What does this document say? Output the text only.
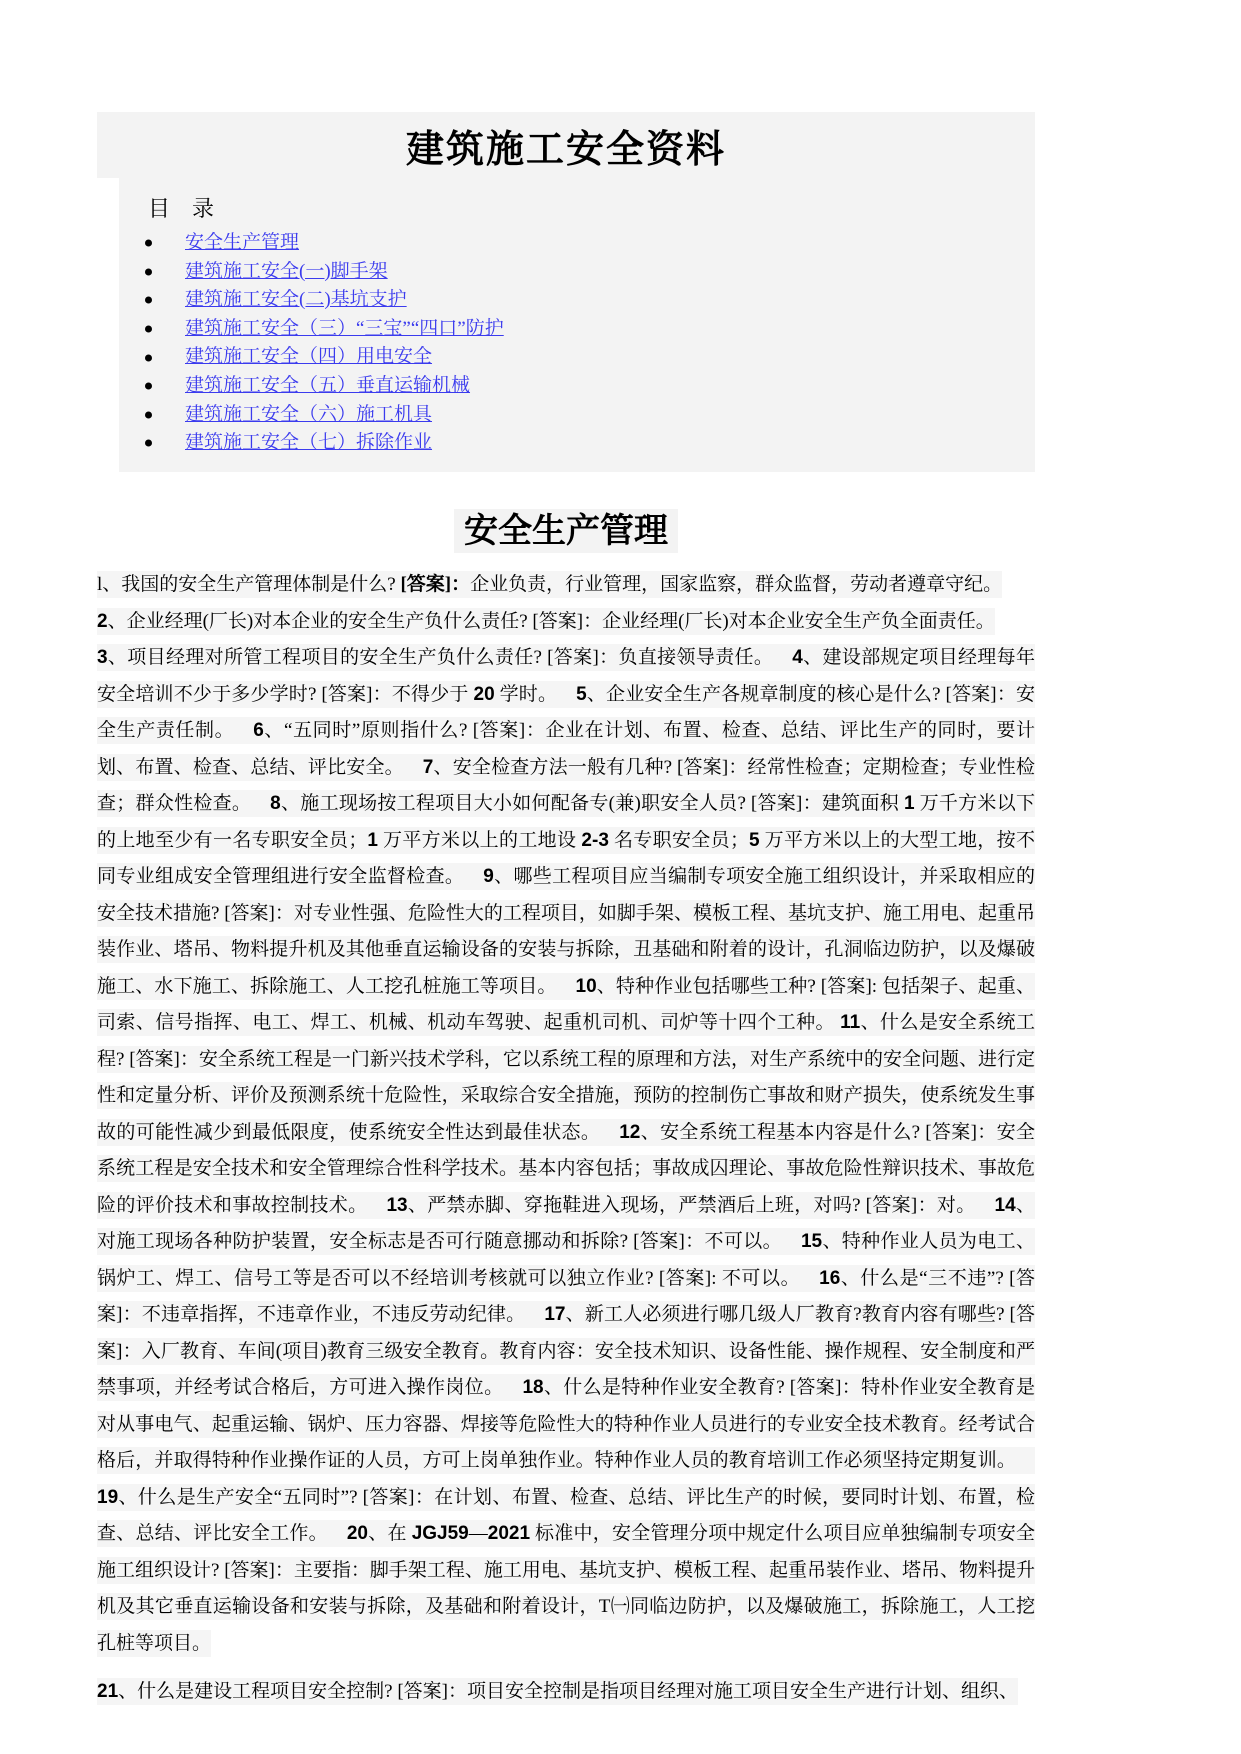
建筑施工安全资料
目 录
安全生产管理
建筑施工安全(一)脚手架
建筑施工安全(二)基坑支护
建筑施工安全（三）“三宝”“四口”防护
建筑施工安全（四）用电安全
建筑施工安全（五）垂直运输机械
建筑施工安全（六）施工机具
建筑施工安全（七）拆除作业
安全生产管理

l、我国的安全生产管理体制是什么? [答案]：企业负责，行业管理，国家监察，群众监督，劳动者遵章守纪。

2、企业经理(厂长)对本企业的安全生产负什么责任? [答案]：企业经理(厂长)对本企业安全生产负全面责任。

3、项目经理对所管工程项目的安全生产负什么责任? [答案]：负直接领导责任。  4、建设部规定项目经理每年安全培训不少于多少学时? [答案]：不得少于 20 学时。  5、企业安全生产各规章制度的核心是什么? [答案]：安全生产责任制。  6、“五同时”原则指什么? [答案]：企业在计划、布置、检查、总结、评比生产的同时，要计划、布置、检查、总结、评比安全。  7、安全检查方法一般有几种? [答案]：经常性检查；定期检查；专业性检查；群众性检查。  8、施工现场按工程项目大小如何配备专(兼)职安全人员? [答案]：建筑面积 1 万千方米以下的上地至少有一名专职安全员；1 万平方米以上的工地设 2-3 名专职安全员；5 万平方米以上的大型工地，按不同专业组成安全管理组进行安全监督检查。  9、哪些工程项目应当编制专项安全施工组织设计，并采取相应的安全技术措施? [答案]：对专业性强、危险性大的工程项目，如脚手架、模板工程、基坑支护、施工用电、起重吊装作业、塔吊、物料提升机及其他垂直运输设备的安装与拆除，丑基础和附着的设计，孔洞临边防护，以及爆破施工、水下施工、拆除施工、人工挖孔桩施工等项目。  10、特种作业包括哪些工种? [答案]: 包括架子、起重、司索、信号指挥、电工、焊工、机械、机动车驾驶、起重机司机、司炉等十四个工种。 11、什么是安全系统工程? [答案]：安全系统工程是一门新兴技术学科，它以系统工程的原理和方法，对生产系统中的安全问题、进行定性和定量分析、评价及预测系统十危险性，采取综合安全措施，预防的控制伤亡事故和财产损失，使系统发生事故的可能性减少到最低限度，使系统安全性达到最佳状态。  12、安全系统工程基本内容是什么? [答案]：安全系统工程是安全技术和安全管理综合性科学技术。基本内容包括；事故成囚理论、事故危险性辩识技术、事故危险的评价技术和事故控制技术。  13、严禁赤脚、穿拖鞋进入现场，严禁酒后上班，对吗? [答案]：对。  14、对施工现场各种防护装置，安全标志是否可行随意挪动和拆除? [答案]：不可以。  15、特种作业人员为电工、锅炉工、焊工、信号工等是否可以不经培训考核就可以独立作业? [答案]: 不可以。  16、什么是“三不违”? [答案]：不违章指挥，不违章作业，不违反劳动纪律。  17、新工人必须进行哪几级人厂教育?教育内容有哪些? [答案]：入厂教育、车间(项目)教育三级安全教育。教育内容：安全技术知识、设备性能、操作规程、安全制度和严禁事项，并经考试合格后，方可进入操作岗位。  18、什么是特种作业安全教育? [答案]：特朴作业安全教育是对从事电气、起重运输、锅炉、压力容器、焊接等危险性大的特种作业人员进行的专业安全技术教育。经考试合格后，并取得特种作业操作证的人员，方可上岗单独作业。特种作业人员的教育培训工作必须坚持定期复训。  19、什么是生产安全“五同时”? [答案]：在计划、布置、检查、总结、评比生产的时候，要同时计划、布置，检查、总结、评比安全工作。  20、在 JGJ59—2021 标准中，安全管理分项中规定什么项目应单独编制专项安全施工组织设计? [答案]：主要指：脚手架工程、施工用电、基坑支护、模板工程、起重吊装作业、塔吊、物料提升机及其它垂直运输设备和安装与拆除，及基础和附着设计，T㈠同临边防护，以及爆破施工，拆除施工，人工挖孔桩等项目。

21、什么是建设工程项目安全控制? [答案]：项目安全控制是指项目经理对施工项目安全生产进行计划、组织、
